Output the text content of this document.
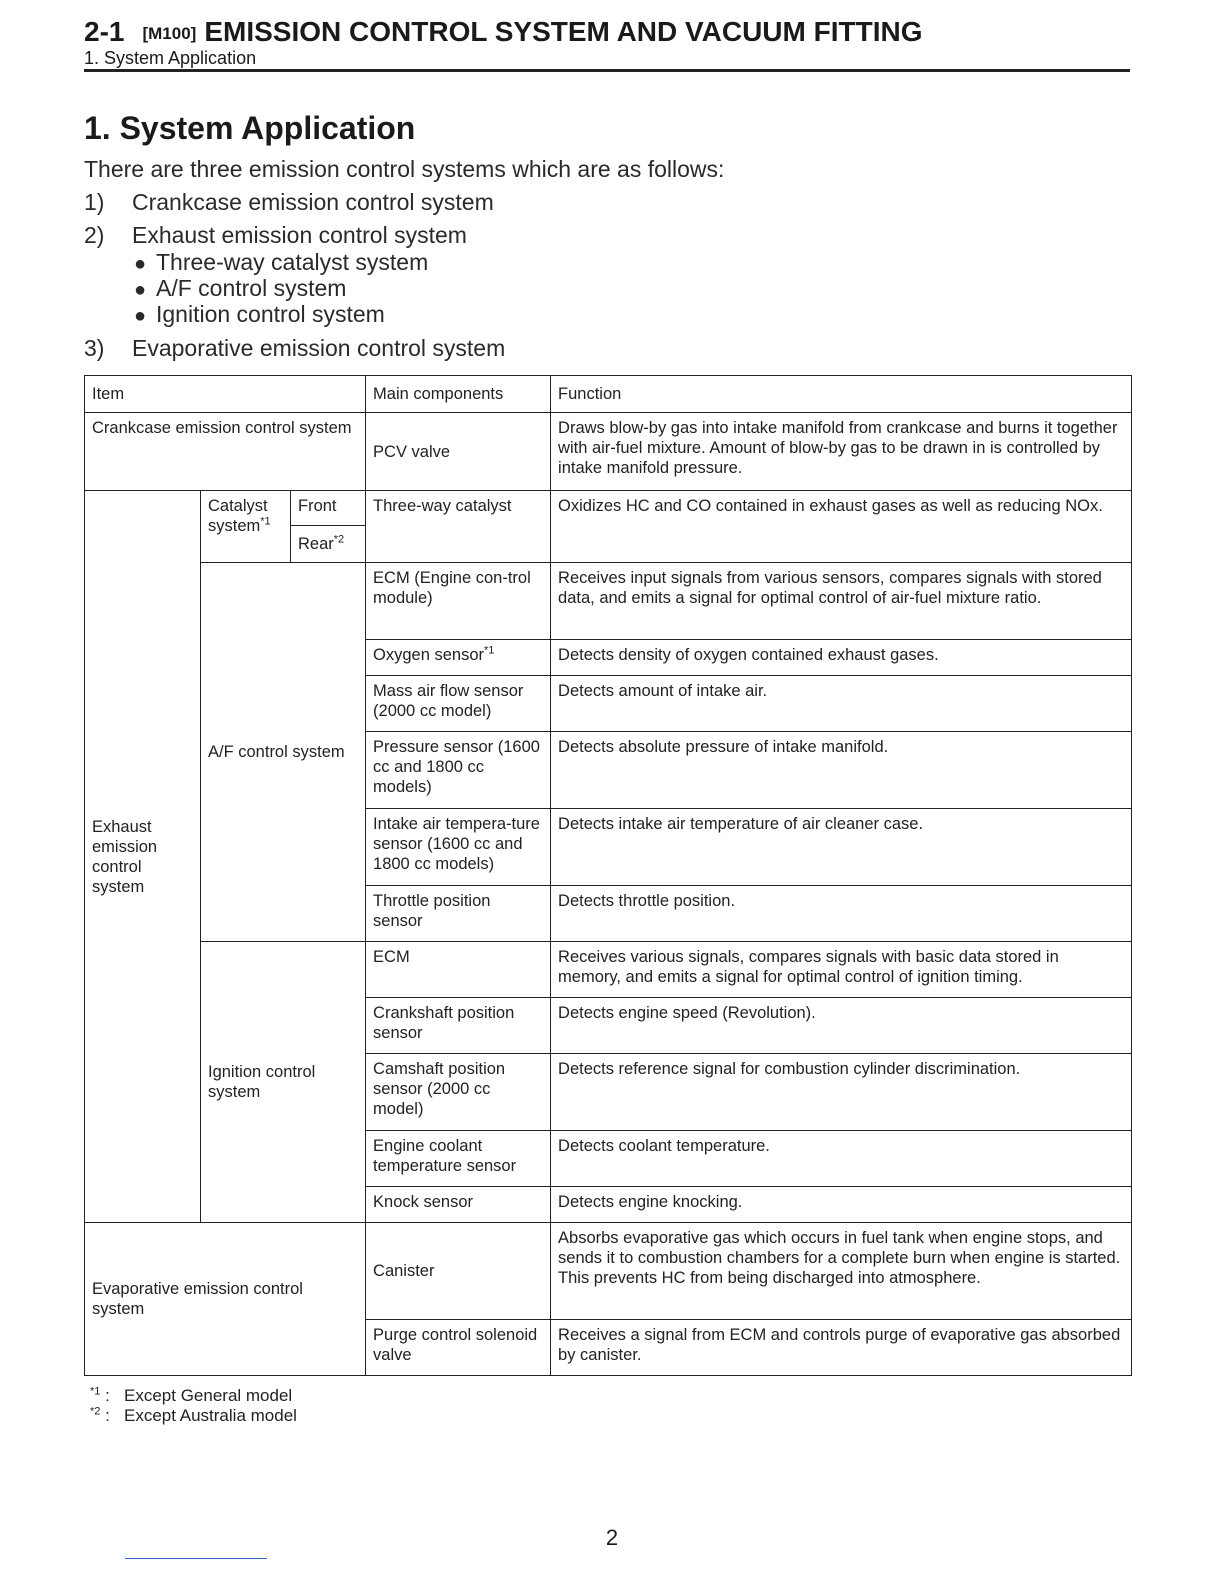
2-1 [M100] EMISSION CONTROL SYSTEM AND VACUUM FITTING
1. System Application
1. System Application
There are three emission control systems which are as follows:
1) Crankcase emission control system
2) Exhaust emission control system
● Three-way catalyst system
● A/F control system
● Ignition control system
3) Evaporative emission control system
Item			Main components	Function
Crankcase emission control system			PCV valve	Draws blow-by gas into intake manifold from crankcase and burns it together with air-fuel mixture. Amount of blow-by gas to be drawn in is controlled by intake manifold pressure.
Exhaust emission control system	Catalyst system$^{*1}$	Front	Three-way catalyst	Oxidizes HC and CO contained in exhaust gases as well as reducing NOx.
		Rear$^{*2}$
	A/F control system		ECM (Engine con-trol module)	Receives input signals from various sensors, compares signals with stored data, and emits a signal for optimal control of air-fuel mixture ratio.
			Oxygen sensor$^{*1}$	Detects density of oxygen contained exhaust gases.
			Mass air flow sensor (2000 cc model)	Detects amount of intake air.
			Pressure sensor (1600 cc and 1800 cc models)	Detects absolute pressure of intake manifold.
			Intake air tempera-ture sensor (1600 cc and 1800 cc models)	Detects intake air temperature of air cleaner case.
			Throttle position sensor	Detects throttle position.
	Ignition control system		ECM	Receives various signals, compares signals with basic data stored in memory, and emits a signal for optimal control of ignition timing.
			Crankshaft position sensor	Detects engine speed (Revolution).
			Camshaft position sensor (2000 cc model)	Detects reference signal for combustion cylinder discrimination.
			Engine coolant temperature sensor	Detects coolant temperature.
			Knock sensor	Detects engine knocking.
Evaporative emission control system			Canister	Absorbs evaporative gas which occurs in fuel tank when engine stops, and sends it to combustion chambers for a complete burn when engine is started. This prevents HC from being discharged into atmosphere.
			Purge control solenoid valve	Receives a signal from ECM and controls purge of evaporative gas absorbed by canister.
$^{*1}$ : Except General model
$^{*2}$ : Except Australia model
2
